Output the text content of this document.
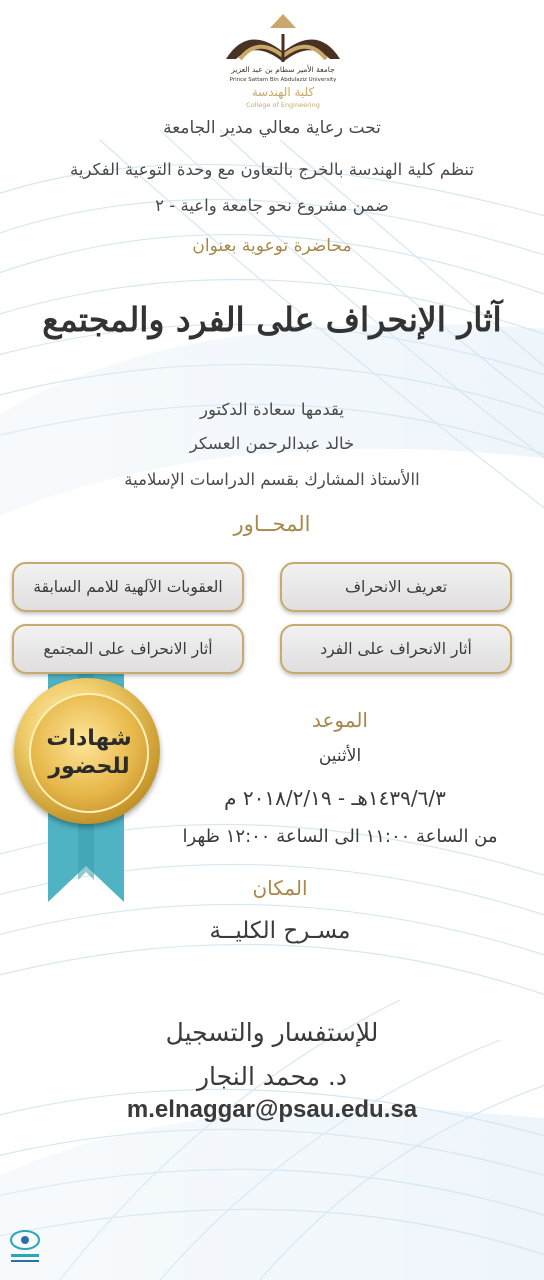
جامعة الأمير سطام بن عبد العزيز
Prince Sattam Bin Abdulaziz University
كلية الهندسة
College of Engineering
تحت رعاية معالي مدير الجامعة
تنظم كلية الهندسة بالخرج بالتعاون مع وحدة التوعية الفكرية
ضمن مشروع نحو جامعة واعية - ٢
محاضرة توعوية بعنوان
آثار الإنحراف على الفرد والمجتمع
يقدمها سعادة الدكتور
خالد عبدالرحمن العسكر
االأستاذ المشارك بقسم الدراسات الإسلامية
المحــاور
تعريف الانحراف
العقوبات الآلهية للامم السابقة
أثار الانحراف على الفرد
أثار الانحراف على المجتمع
شهادات
للحضور
الموعد
الأثنين
١٤٣٩/٦/٣هـ - ٢٠١٨/٢/١٩ م
من الساعة ١١:٠٠ الى الساعة ١٢:٠٠ ظهرا
المكان
مسـرح الكليــة
للإستفسار والتسجيل
د. محمد النجار
m.elnaggar@psau.edu.sa
